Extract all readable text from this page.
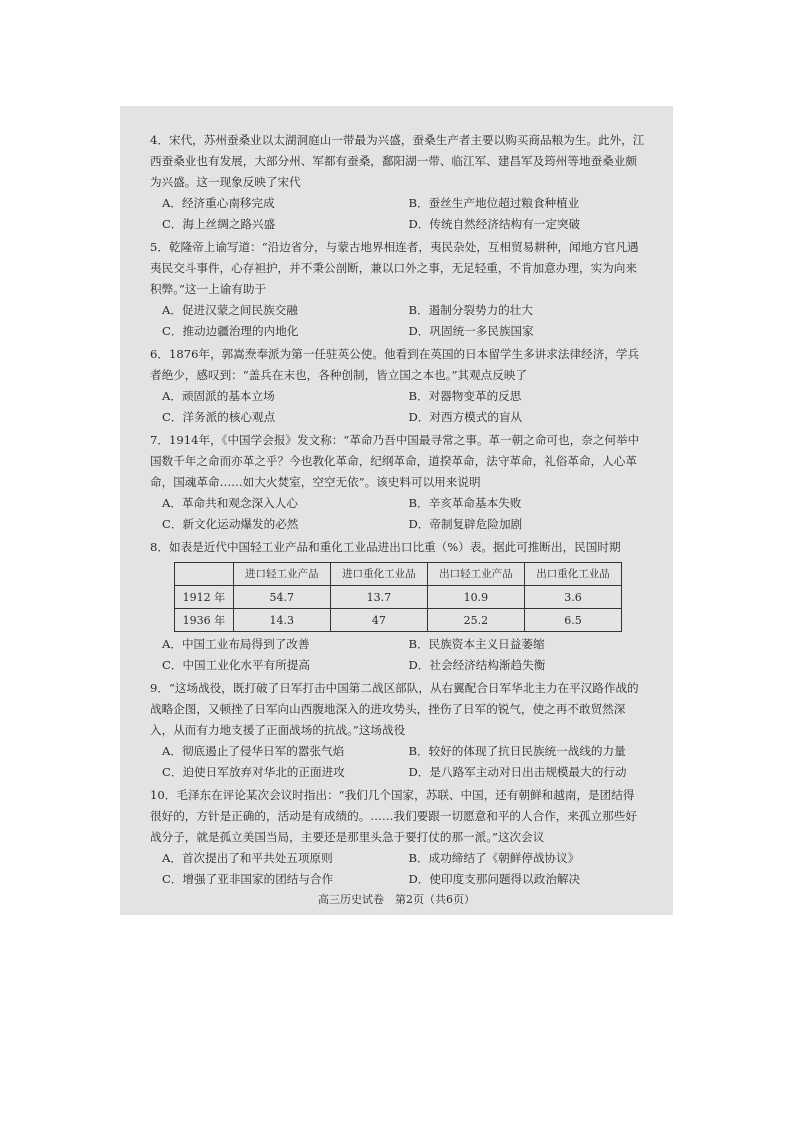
4．宋代，苏州蚕桑业以太湖洞庭山一带最为兴盛，蚕桑生产者主要以购买商品粮为生。此外，江西蚕桑业也有发展，大部分州、军都有蚕桑，鄱阳湖一带、临江军、建昌军及筠州等地蚕桑业颇为兴盛。这一现象反映了宋代
A．经济重心南移完成	B．蚕丝生产地位超过粮食种植业
C．海上丝绸之路兴盛	D．传统自然经济结构有一定突破
5．乾隆帝上谕写道：“沿边省分，与蒙古地界相连者，夷民杂处，互相贸易耕种，闻地方官凡遇夷民交斗事件，心存袒护，并不秉公剖断，兼以口外之事，无足轻重，不肯加意办理，实为向来积弊。”这一上谕有助于
A．促进汉蒙之间民族交融	B．遏制分裂势力的壮大
C．推动边疆治理的内地化	D．巩固统一多民族国家
6．1876年，郭嵩焘奉派为第一任驻英公使。他看到在英国的日本留学生多讲求法律经济，学兵者绝少，感叹到：“盖兵在末也，各种创制，皆立国之本也。”其观点反映了
A．顽固派的基本立场	B．对器物变革的反思
C．洋务派的核心观点	D．对西方模式的盲从
7．1914年，《中国学会报》发文称：“革命乃吾中国最寻常之事。革一朝之命可也，奈之何举中国数千年之命而亦革之乎？今也教化革命，纪纲革命，道揆革命，法守革命，礼俗革命，人心革命，国魂革命……如大火焚室，空空无依”。该史料可以用来说明
A．革命共和观念深入人心	B．辛亥革命基本失败
C．新文化运动爆发的必然	D．帝制复辟危险加剧
8．如表是近代中国轻工业产品和重化工业品进出口比重（%）表。据此可推断出，民国时期
	进口轻工业产品	进口重化工业品	出口轻工业产品	出口重化工业品
1912 年	54.7	13.7	10.9	3.6
1936 年	14.3	47	25.2	6.5
A．中国工业布局得到了改善	B．民族资本主义日益萎缩
C．中国工业化水平有所提高	D．社会经济结构渐趋失衡
9．“这场战役，既打破了日军打击中国第二战区部队，从右翼配合日军华北主力在平汉路作战的战略企图，又顿挫了日军向山西腹地深入的进攻势头，挫伤了日军的锐气，使之再不敢贸然深入，从而有力地支援了正面战场的抗战。”这场战役
A．彻底遏止了侵华日军的嚣张气焰	B．较好的体现了抗日民族统一战线的力量
C．迫使日军放弃对华北的正面进攻	D．是八路军主动对日出击规模最大的行动
10．毛泽东在评论某次会议时指出：“我们几个国家，苏联、中国，还有朝鲜和越南，是团结得很好的，方针是正确的，活动是有成绩的。……我们要跟一切愿意和平的人合作，来孤立那些好战分子，就是孤立美国当局，主要还是那里头急于要打仗的那一派。”这次会议
A．首次提出了和平共处五项原则	B．成功缔结了《朝鲜停战协议》
C．增强了亚非国家的团结与合作	D．使印度支那问题得以政治解决
高三历史试卷　第2页（共6页）
